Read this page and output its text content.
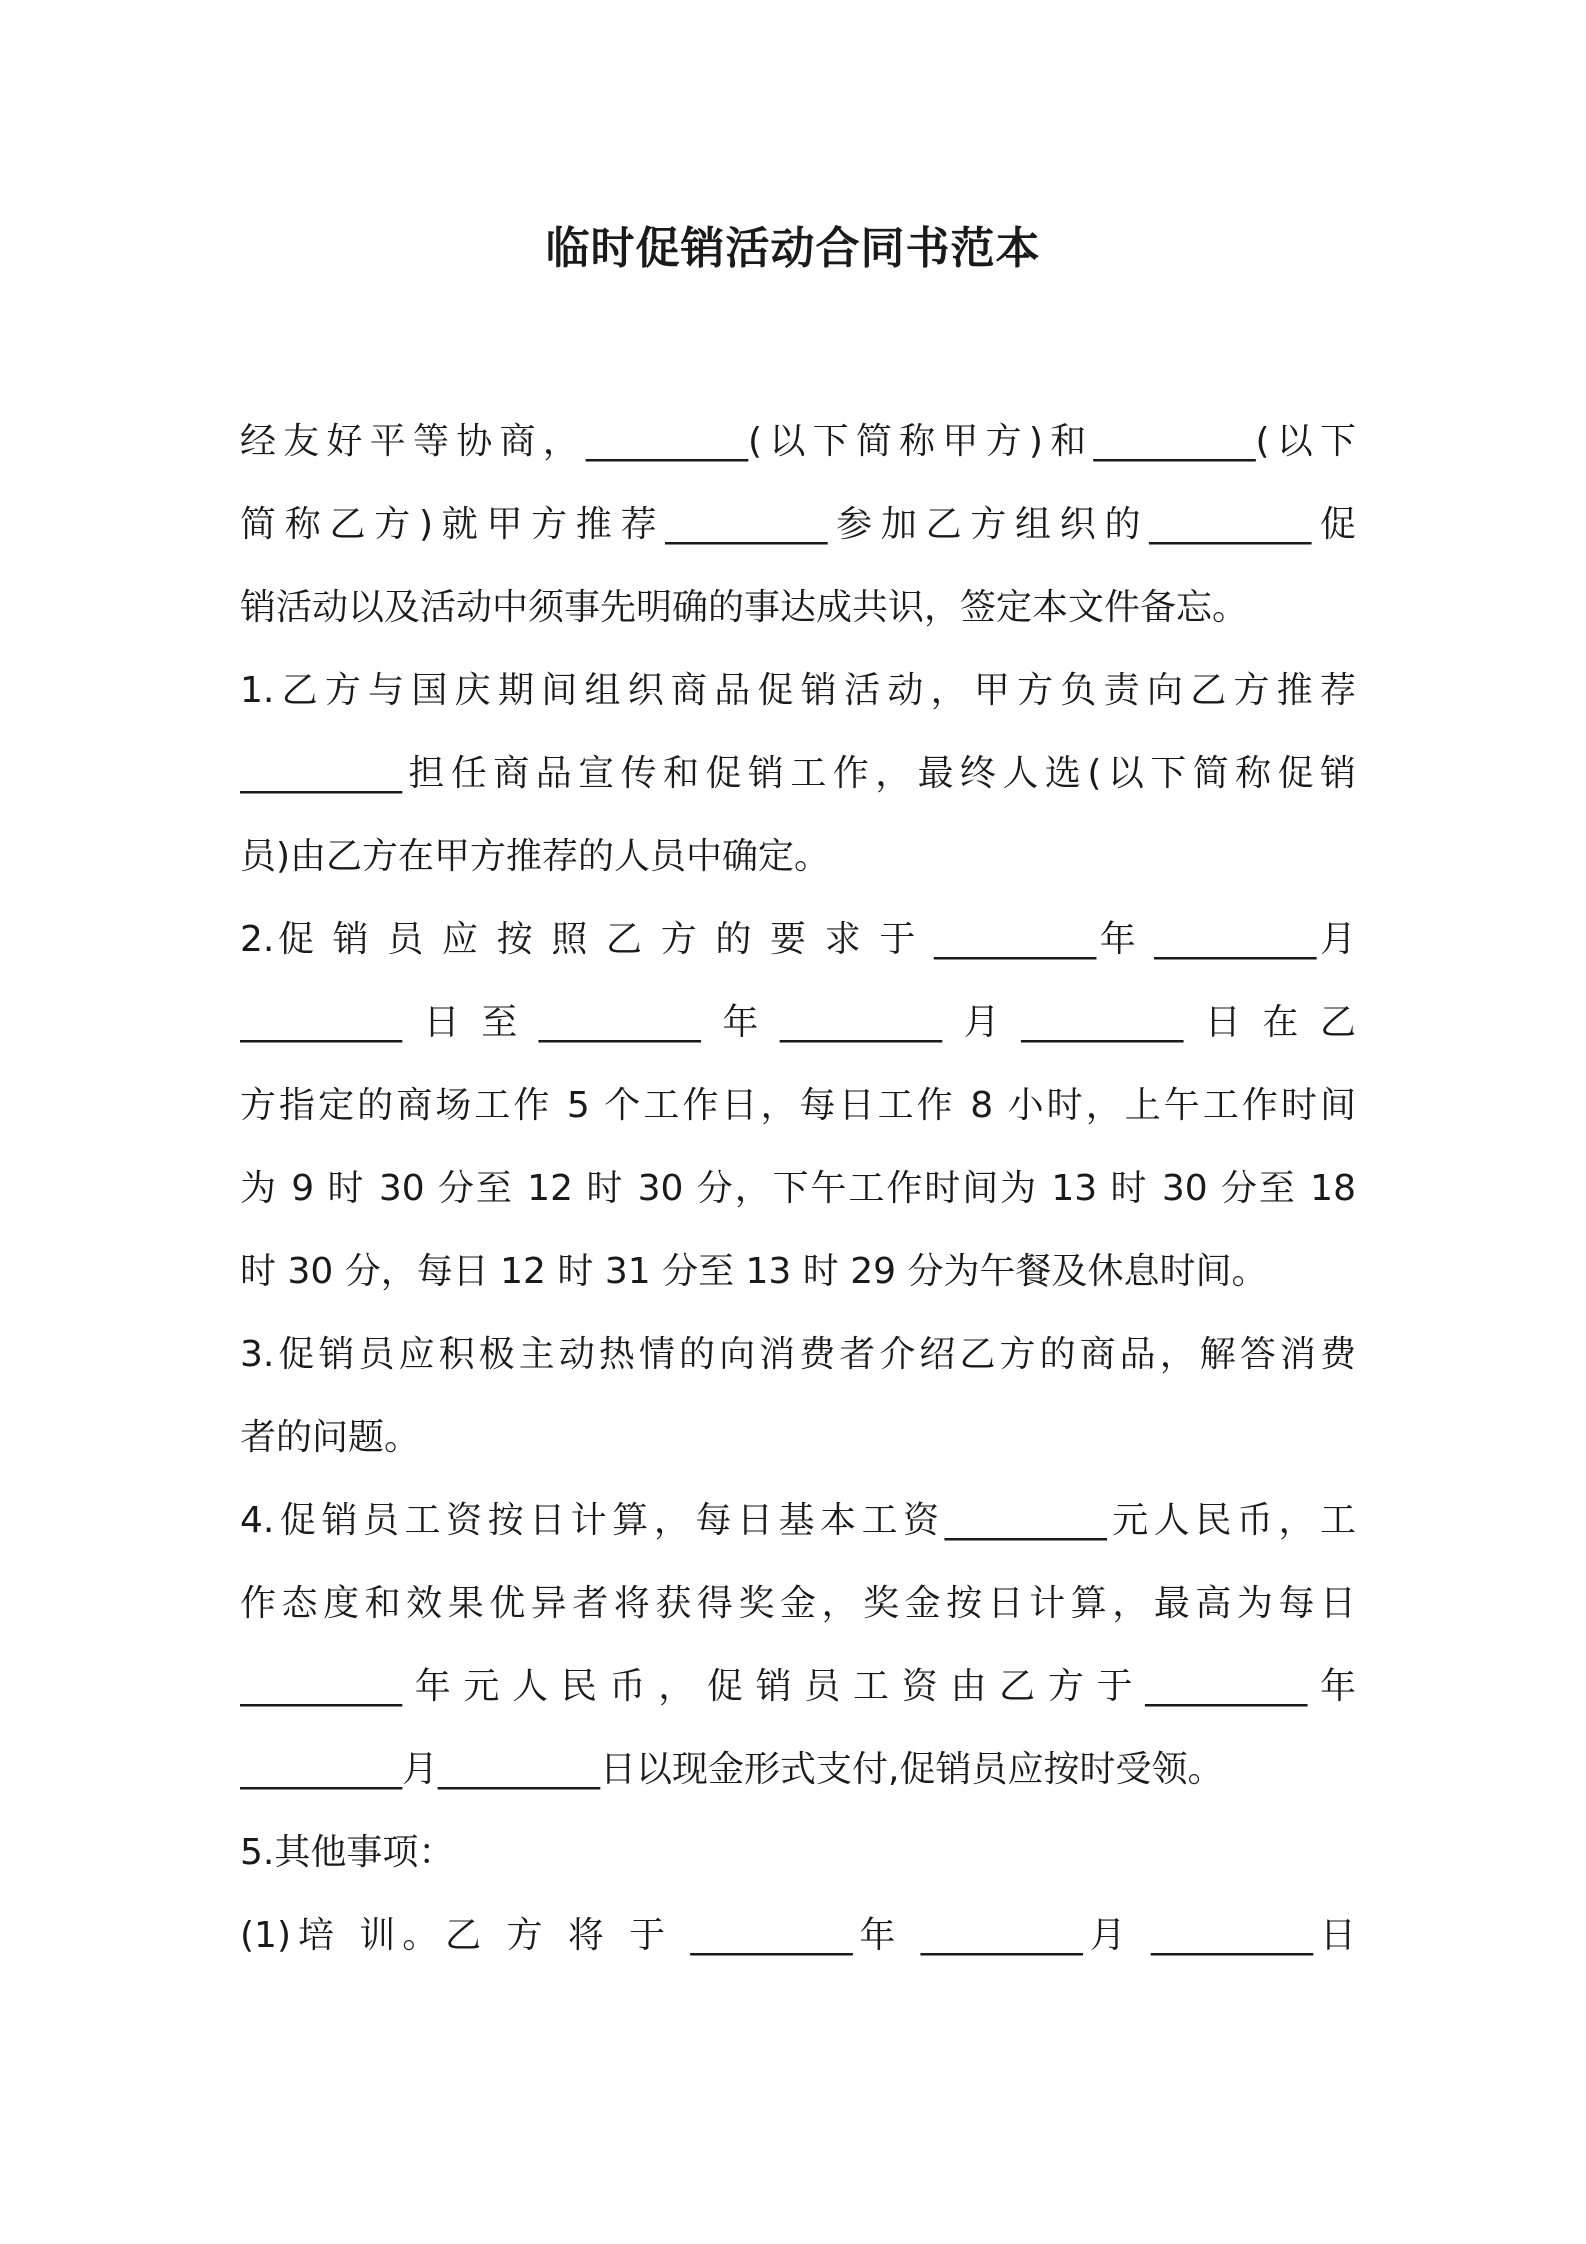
临时促销活动合同书范本
经友好平等协商，_________(以下简称甲方)和_________(以下
简称乙方)就甲方推荐_________参加乙方组织的_________促
销活动以及活动中须事先明确的事达成共识，签定本文件备忘。
1.乙方与国庆期间组织商品促销活动，甲方负责向乙方推荐
_________担任商品宣传和促销工作，最终人选(以下简称促销
员)由乙方在甲方推荐的人员中确定。
2.促 销 员 应 按 照 乙 方 的 要 求 于 _________年 _________月
_________日至_________年_________月_________日在乙
方指定的商场工作 5 个工作日，每日工作 8 小时，上午工作时间
为 9 时 30 分至 12 时 30 分，下午工作时间为 13 时 30 分至 18
时 30 分，每日 12 时 31 分至 13 时 29 分为午餐及休息时间。
3.促销员应积极主动热情的向消费者介绍乙方的商品，解答消费
者的问题。
4.促销员工资按日计算，每日基本工资_________元人民币，工
作态度和效果优异者将获得奖金，奖金按日计算，最高为每日
_________年元人民币，促销员工资由乙方于_________年
_________月_________日以现金形式支付,促销员应按时受领。
5.其他事项：
(1)培 训。乙 方 将 于 _________年 _________月 _________日
